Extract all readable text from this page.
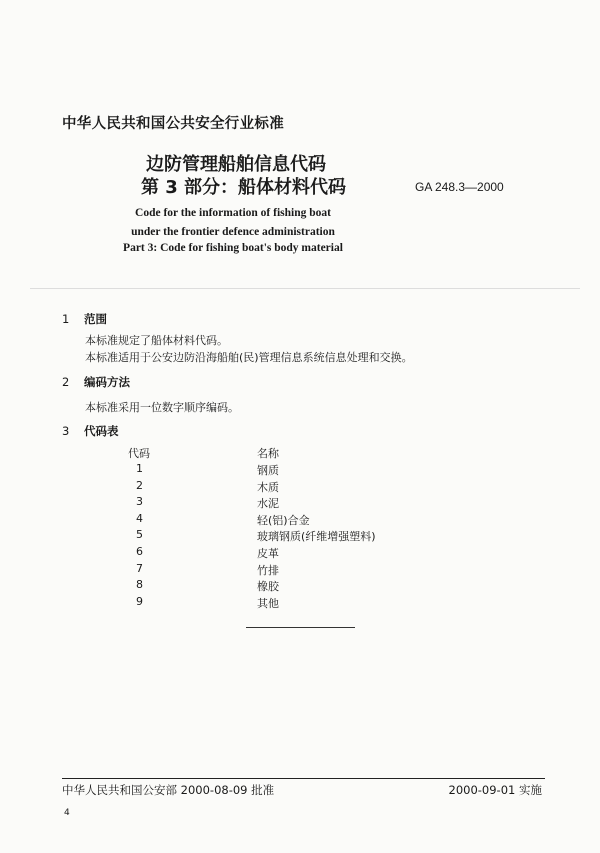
中华人民共和国公共安全行业标准
边防管理船舶信息代码
第 3 部分：船体材料代码	GA 248.3—2000
Code for the information of fishing boat
under the frontier defence administration
Part 3: Code for fishing boat's body material
1 范围
本标准规定了船体材料代码。
本标准适用于公安边防沿海船舶(民)管理信息系统信息处理和交换。
2 编码方法
本标准采用一位数字顺序编码。
3 代码表
代码	名称
1	钢质
2	木质
3	水泥
4	轻(铝)合金
5	玻璃钢质(纤维增强塑料)
6	皮革
7	竹排
8	橡胶
9	其他
中华人民共和国公安部 2000-08-09 批准	2000-09-01 实施
4
